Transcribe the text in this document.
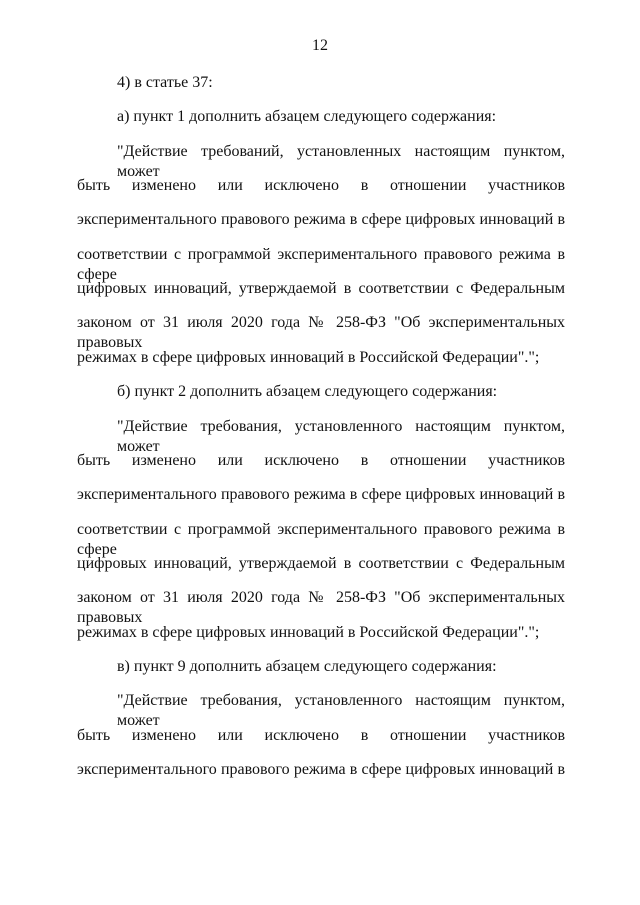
12
4) в статье 37:
а) пункт 1 дополнить абзацем следующего содержания:
"Действие требований, установленных настоящим пунктом, может
быть изменено или исключено в отношении участников
экспериментального правового режима в сфере цифровых инноваций в
соответствии с программой экспериментального правового режима в сфере
цифровых инноваций, утверждаемой в соответствии с Федеральным
законом от 31 июля 2020 года № 258-ФЗ "Об экспериментальных правовых
режимах в сфере цифровых инноваций в Российской Федерации".";
б) пункт 2 дополнить абзацем следующего содержания:
"Действие требования, установленного настоящим пунктом, может
быть изменено или исключено в отношении участников
экспериментального правового режима в сфере цифровых инноваций в
соответствии с программой экспериментального правового режима в сфере
цифровых инноваций, утверждаемой в соответствии с Федеральным
законом от 31 июля 2020 года № 258-ФЗ "Об экспериментальных правовых
режимах в сфере цифровых инноваций в Российской Федерации".";
в) пункт 9 дополнить абзацем следующего содержания:
"Действие требования, установленного настоящим пунктом, может
быть изменено или исключено в отношении участников
экспериментального правового режима в сфере цифровых инноваций в
